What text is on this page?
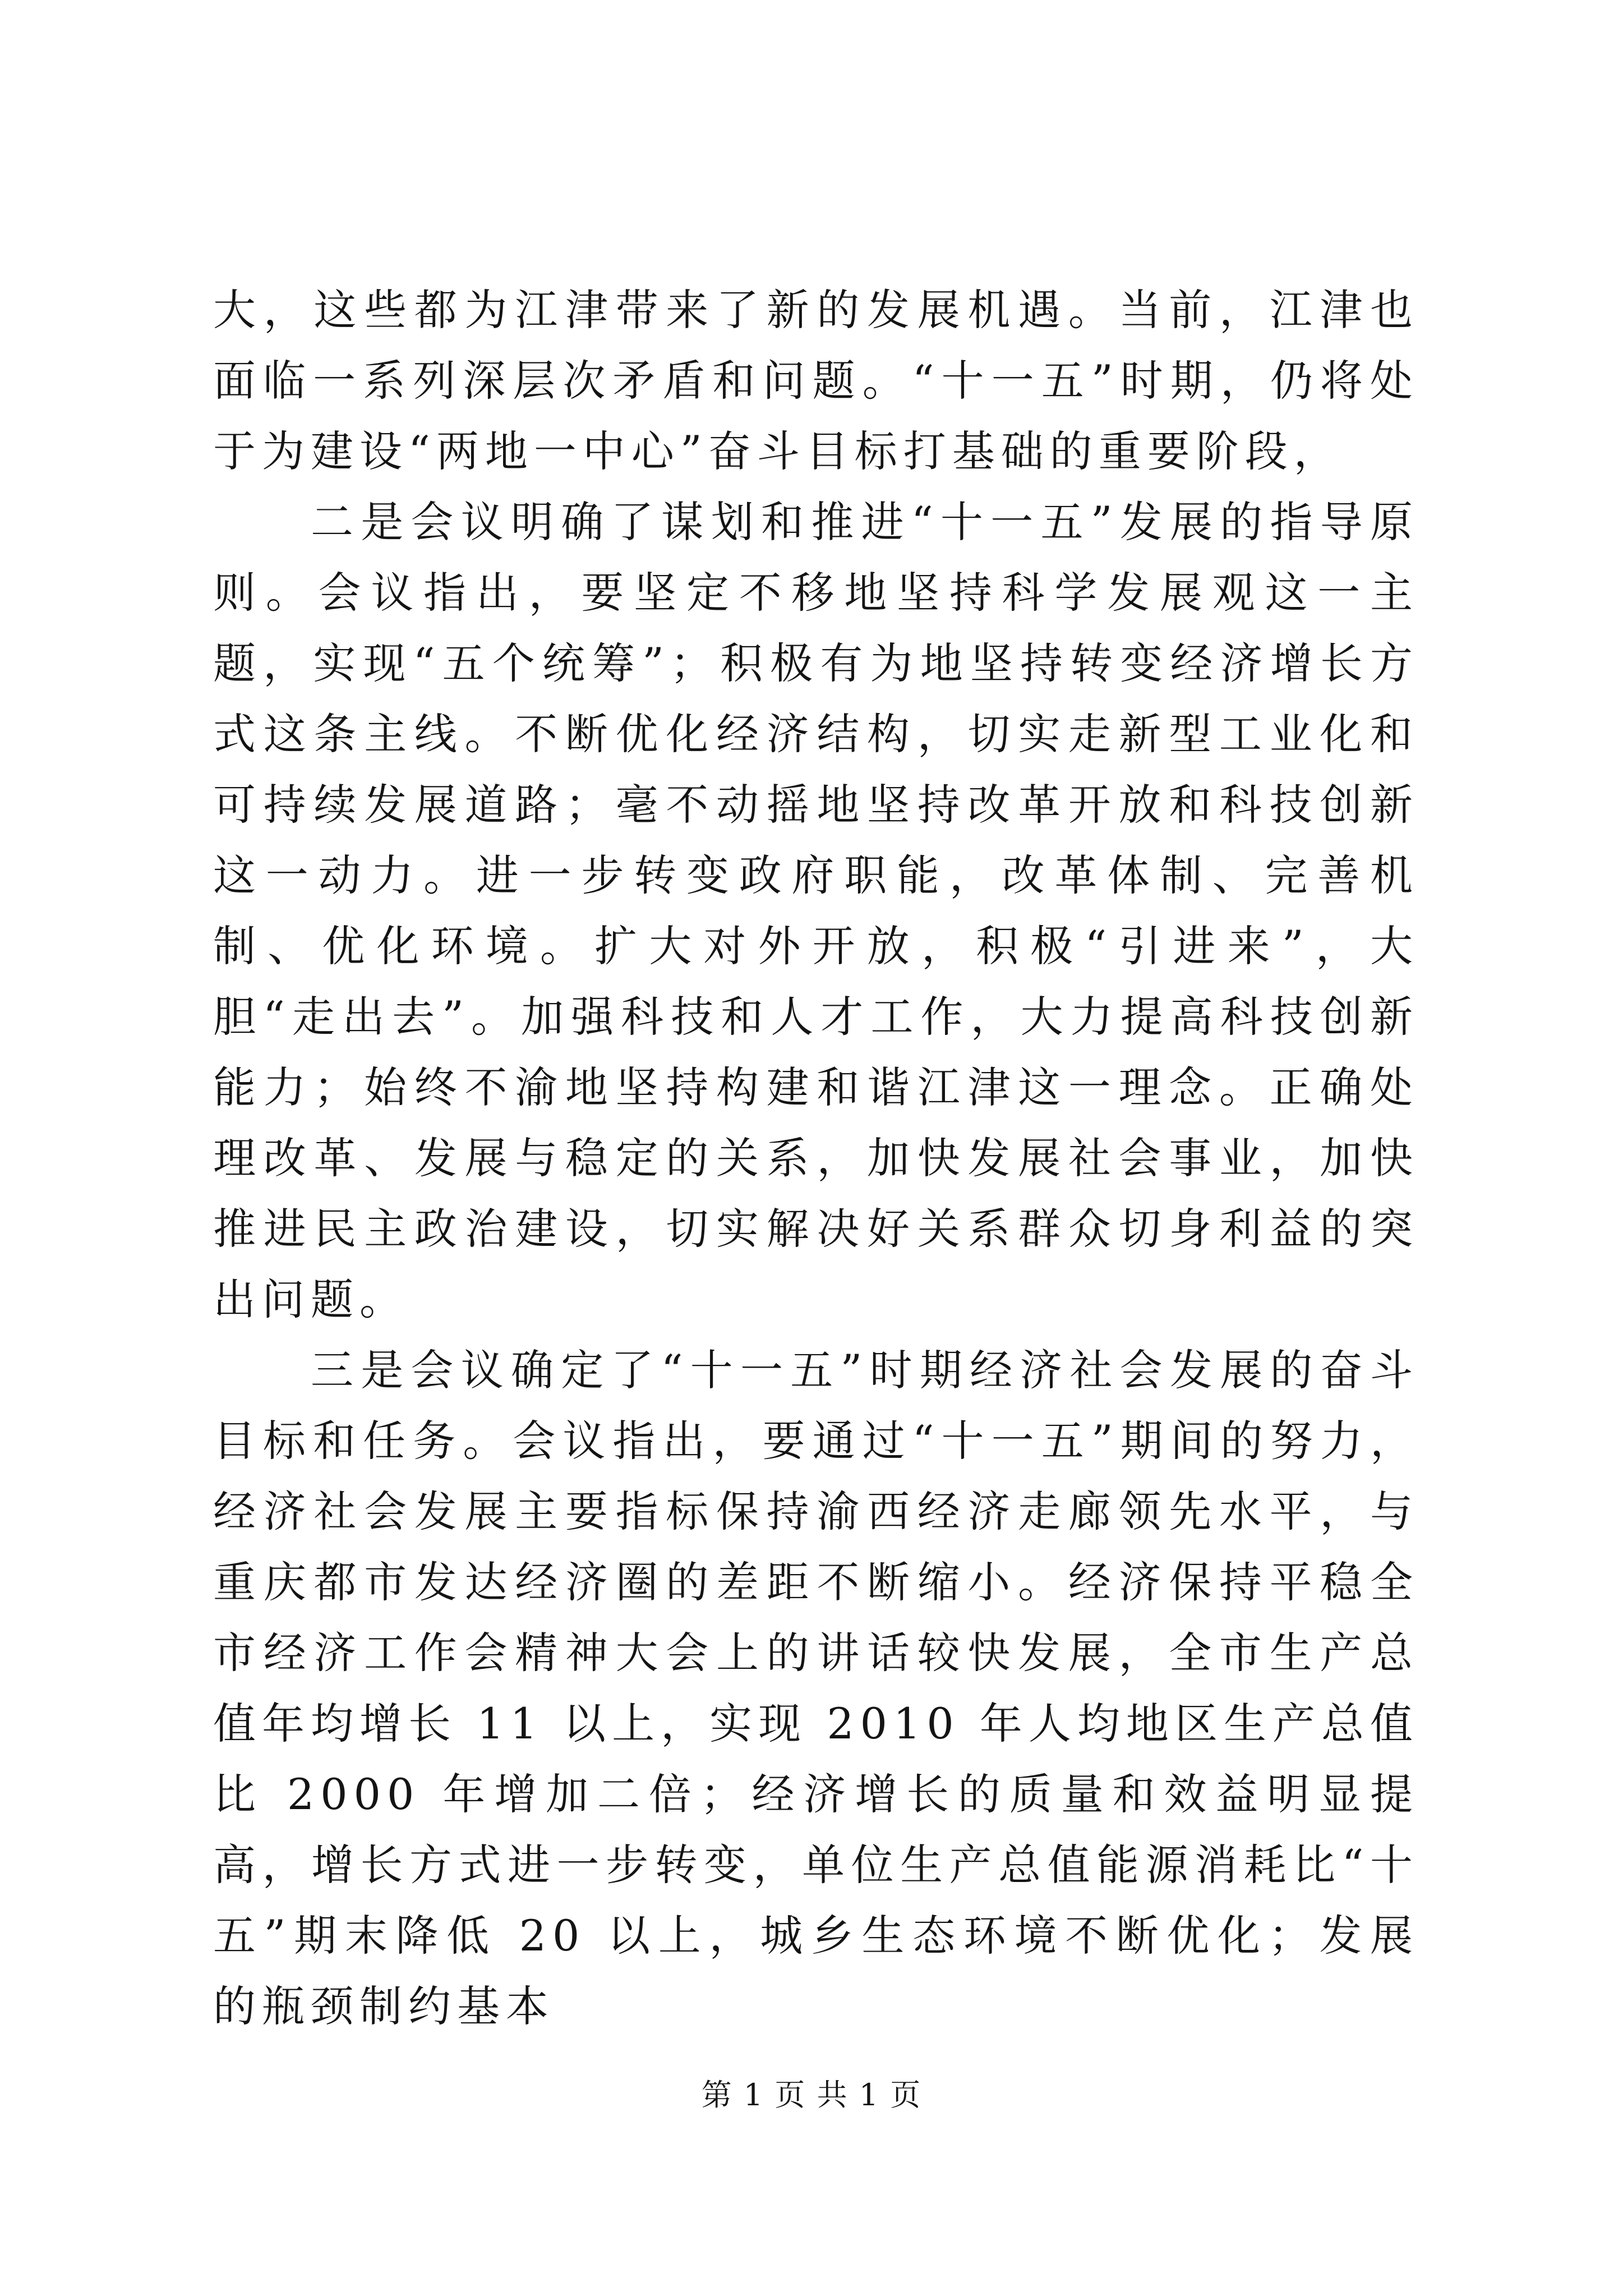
大，这些都为江津带来了新的发展机遇。当前，江津也面临一系列深层次矛盾和问题。“十一五”时期，仍将处于为建设“两地一中心”奋斗目标打基础的重要阶段，

二是会议明确了谋划和推进“十一五”发展的指导原则。会议指出，要坚定不移地坚持科学发展观这一主题，实现“五个统筹”；积极有为地坚持转变经济增长方式这条主线。不断优化经济结构，切实走新型工业化和可持续发展道路；毫不动摇地坚持改革开放和科技创新这一动力。进一步转变政府职能，改革体制、完善机制、优化环境。扩大对外开放，积极“引进来”，大胆“走出去”。加强科技和人才工作，大力提高科技创新能力；始终不渝地坚持构建和谐江津这一理念。正确处理改革、发展与稳定的关系，加快发展社会事业，加快推进民主政治建设，切实解决好关系群众切身利益的突出问题。

三是会议确定了“十一五”时期经济社会发展的奋斗目标和任务。会议指出，要通过“十一五”期间的努力，经济社会发展主要指标保持渝西经济走廊领先水平，与重庆都市发达经济圈的差距不断缩小。经济保持平稳全市经济工作会精神大会上的讲话较快发展，全市生产总值年均增长 11 以上，实现 2010 年人均地区生产总值比 2000 年增加二倍；经济增长的质量和效益明显提高，增长方式进一步转变，单位生产总值能源消耗比“十五”期末降低 20 以上，城乡生态环境不断优化；发展的瓶颈制约基本

第 1 页 共 1 页
